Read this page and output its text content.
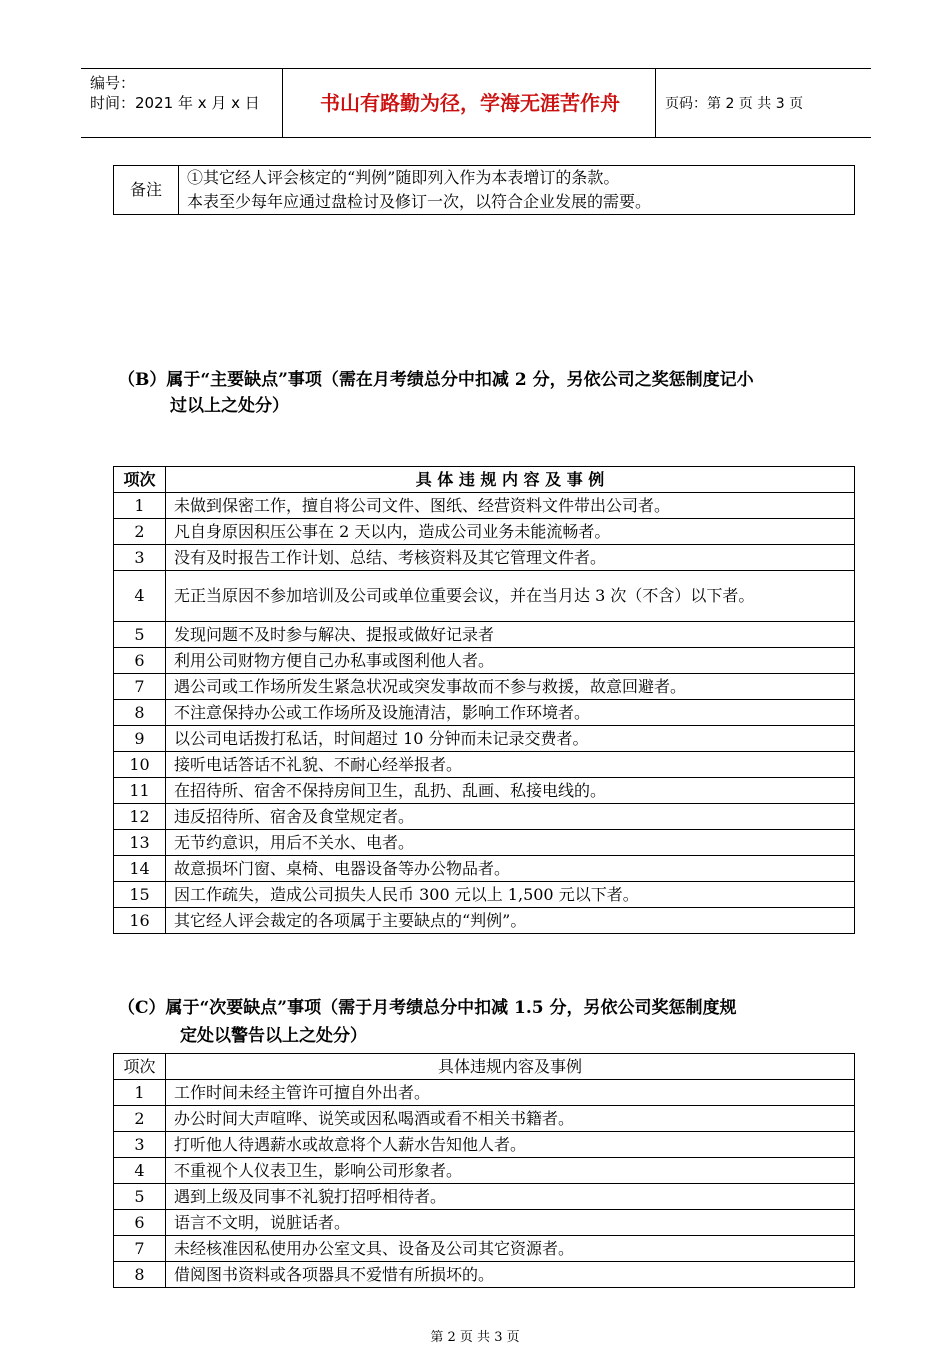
编号：
时间：2021 年 x 月 x 日	书山有路勤为径，学海无涯苦作舟	页码：第 2 页 共 3 页
备注	
①其它经人评会核定的“判例”随即列入作为本表增订的条款。
本表至少每年应通过盘检讨及修订一次，以符合企业发展的需要。
（B）属于“主要缺点”事项（需在月考绩总分中扣减 2 分，另依公司之奖惩制度记小
过以上之处分）
项次	具 体 违 规 内 容 及 事 例
1	未做到保密工作，擅自将公司文件、图纸、经营资料文件带出公司者。
2	凡自身原因积压公事在 2 天以内，造成公司业务未能流畅者。
3	没有及时报告工作计划、总结、考核资料及其它管理文件者。
4	无正当原因不参加培训及公司或单位重要会议，并在当月达 3 次（不含）以下者。
5	发现问题不及时参与解决、提报或做好记录者
6	利用公司财物方便自己办私事或图利他人者。
7	遇公司或工作场所发生紧急状况或突发事故而不参与救援，故意回避者。
8	不注意保持办公或工作场所及设施清洁，影响工作环境者。
9	以公司电话拨打私话，时间超过 10 分钟而未记录交费者。
10	接听电话答话不礼貌、不耐心经举报者。
11	在招待所、宿舍不保持房间卫生，乱扔、乱画、私接电线的。
12	违反招待所、宿舍及食堂规定者。
13	无节约意识，用后不关水、电者。
14	故意损坏门窗、桌椅、电器设备等办公物品者。
15	因工作疏失，造成公司损失人民币 300 元以上 1,500 元以下者。
16	其它经人评会裁定的各项属于主要缺点的“判例”。
（C）属于“次要缺点”事项（需于月考绩总分中扣减 1.5 分，另依公司奖惩制度规
定处以警告以上之处分）
项次	具体违规内容及事例
1	工作时间未经主管许可擅自外出者。
2	办公时间大声喧哗、说笑或因私喝酒或看不相关书籍者。
3	打听他人待遇薪水或故意将个人薪水告知他人者。
4	不重视个人仪表卫生，影响公司形象者。
5	遇到上级及同事不礼貌打招呼相待者。
6	语言不文明，说脏话者。
7	未经核准因私使用办公室文具、设备及公司其它资源者。
8	借阅图书资料或各项器具不爱惜有所损坏的。
第 2 页 共 3 页
